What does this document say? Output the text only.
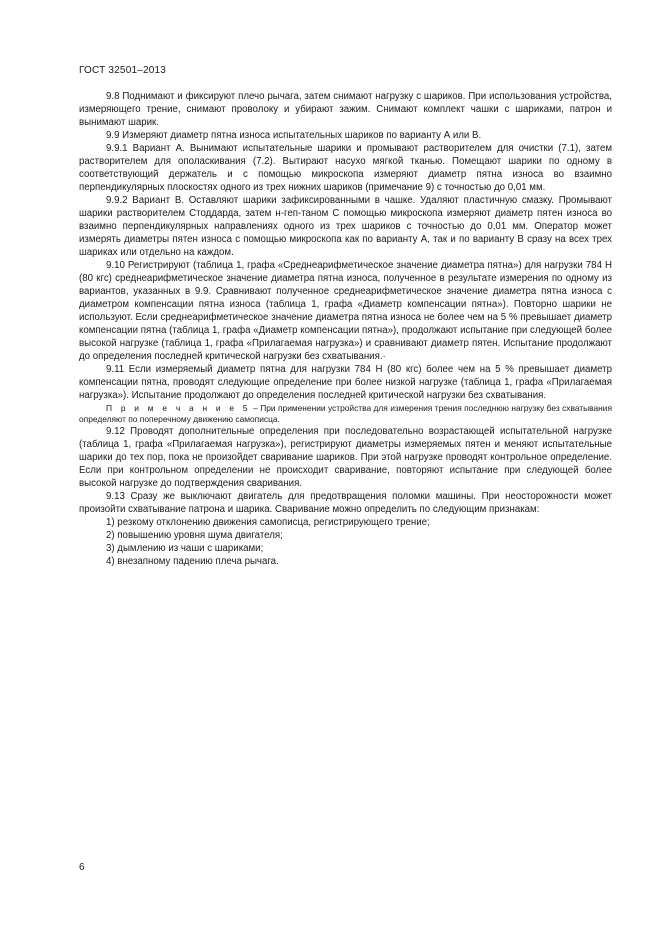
ГОСТ 32501–2013

9.8 Поднимают и фиксируют плечо рычага, затем снимают нагрузку с шариков. При использования устройства, измеряющего трение, снимают проволоку и убирают зажим. Снимают комплект чашки с шариками, патрон и вынимают шарик.

9.9 Измеряют диаметр пятна износа испытательных шариков по варианту А или В.

9.9.1 Вариант А. Вынимают испытательные шарики и промывают растворителем для очистки (7.1), затем растворителем для ополаскивания (7.2). Вытирают насухо мягкой тканью. Помещают шарики по одному в соответствующий держатель и с помощью микроскопа измеряют диаметр пятна износа во взаимно перпендикулярных плоскостях одного из трех нижних шариков (примечание 9) с точностью до 0,01 мм.

9.9.2 Вариант В. Оставляют шарики зафиксированными в чашке. Удаляют пластичную смазку. Промывают шарики растворителем Стоддарда, затем н-геп-таном С помощью микроскопа измеряют диаметр пятен износа во взаимно перпендикулярных направлениях одного из трех шариков с точностью до 0,01 мм. Оператор может измерять диаметры пятен износа с помощью микроскопа как по варианту А, так и по варианту В сразу на всех трех шариках или отдельно на каждом.

9.10 Регистрируют (таблица 1, графа «Среднеарифметическое значение диаметра пятна») для нагрузки 784 Н (80 кгс) среднеарифметическое значение диаметра пятна износа, полученное в результате измерения по одному из вариантов, указанных в 9.9. Сравнивают полученное среднеарифметическое значение диаметра пятна износа с диаметром компенсации пятна износа (таблица 1, графа «Диаметр компенсации пятна»). Повторно шарики не используют. Если среднеарифметическое значение диаметра пятна износа не более чем на 5 % превышает диаметр компенсации пятна (таблица 1, графа «Диаметр компенсации пятна»), продолжают испытание при следующей более высокой нагрузке (таблица 1, графа «Прилагаемая нагрузка») и сравнивают диаметр пятен. Испытание продолжают до определения последней критической нагрузки без схватывания.·

9.11 Если измеряемый диаметр пятна для нагрузки 784 Н (80 кгс) более чем на 5 % превышает диаметр компенсации пятна, проводят следующие определение при более низкой нагрузке (таблица 1, графа «Прилагаемая нагрузка»). Испытание продолжают до определения последней критической нагрузки без схватывания.

П р и м е ч а н и е 5 – При применении устройства для измерения трения последнюю нагрузку без схватывания определяют по поперечному движению самописца.

9.12 Проводят дополнительные определения при последовательно возрастающей испытательной нагрузке (таблица 1, графа «Прилагаемая нагрузка»), регистрируют диаметры измеряемых пятен и меняют испытательные шарики до тех пор, пока не произойдет сваривание шариков. При этой нагрузке проводят контрольное определение. Если при контрольном определении не происходит сваривание, повторяют испытание при следующей более высокой нагрузке до подтверждения сваривания.

9.13 Сразу же выключают двигатель для предотвращения поломки машины. При неосторожности может произойти схватывание патрона и шарика. Сваривание можно определить по следующим признакам:

1) резкому отклонению движения самописца, регистрирующего трение;

2) повышению уровня шума двигателя;

3) дымлению из чаши с шариками;

4) внезапному падению плеча рычага.

6
